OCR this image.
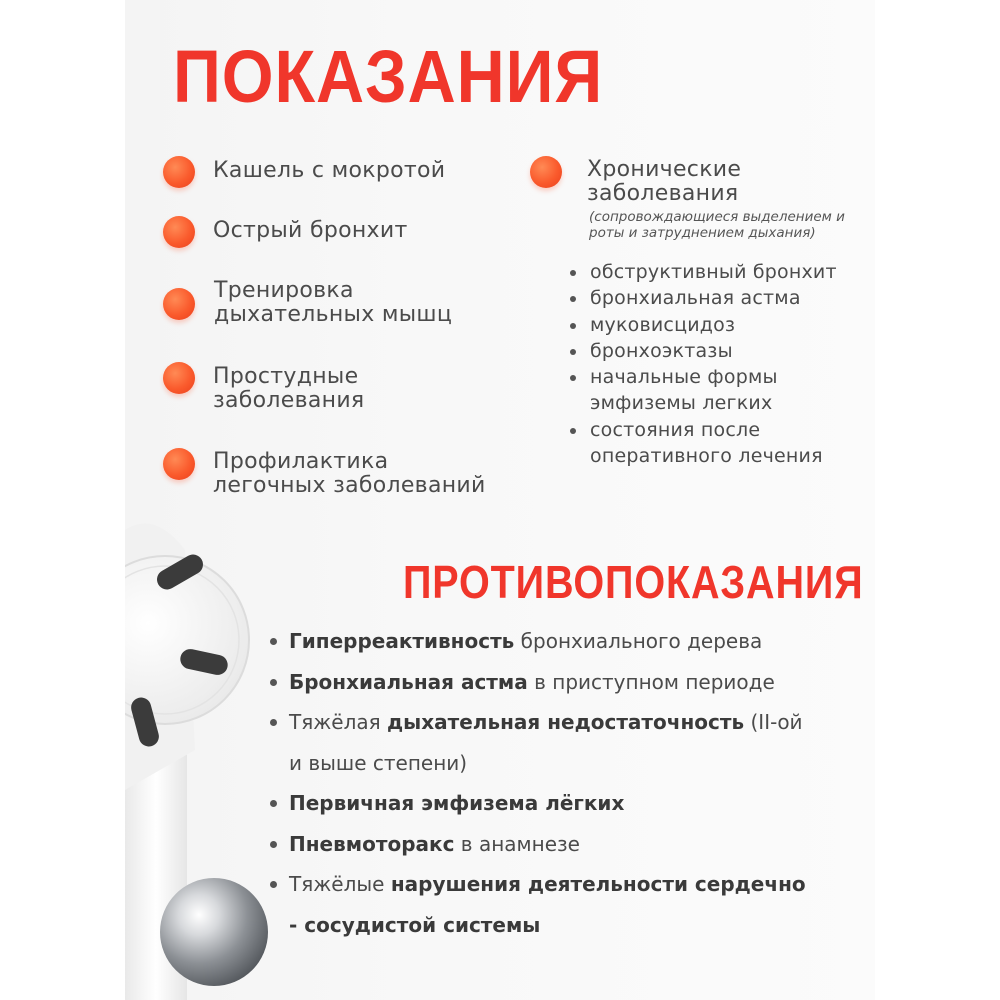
ПОКАЗАНИЯ
Кашель с мокротой
Острый бронхит
Тренировка
дыхательных мышц
Простудные
заболевания
Профилактика
легочных заболеваний
Хронические
заболевания
(сопровождающиеся выделением и роты и затруднением дыхания)
обструктивный бронхит
бронхиальная астма
муковисцидоз
бронхоэктазы
начальные формы
эмфиземы легких
состояния после
оперативного лечения
ПРОТИВОПОКАЗАНИЯ
Гиперреактивность бронхиального дерева
Бронхиальная астма в приступном периоде
Тяжёлая дыхательная недостаточность (II-ой
и выше степени)
Первичная эмфизема лёгких
Пневмоторакс в анамнезе
Тяжёлые нарушения деятельности сердечно
- сосудистой системы
